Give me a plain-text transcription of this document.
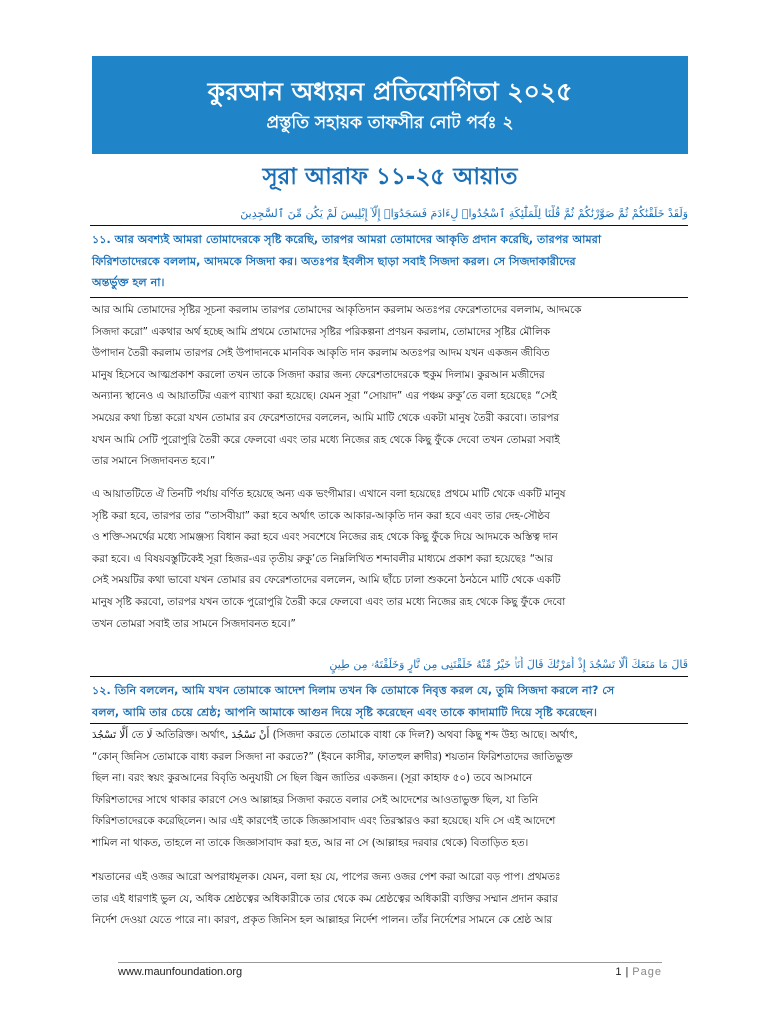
কুরআন অধ্যয়ন প্রতিযোগিতা ২০২৫
প্রস্তুতি সহায়ক তাফসীর নোট পর্বঃ ২
সূরা আরাফ ১১-২৫ আয়াত
وَلَقَدْ خَلَقْنَٰكُمْ ثُمَّ صَوَّرْنَٰكُمْ ثُمَّ قُلْنَا لِلْمَلَٰٓئِكَةِ ٱسْجُدُوا۟ لِءَادَمَ فَسَجَدُوٓا۟ إِلَّآ إِبْلِيسَ لَمْ يَكُن مِّنَ ٱلسَّٰجِدِينَ
১১. আর অবশ্যই আমরা তোমাদেরকে সৃষ্টি করেছি, তারপর আমরা তোমাদের আকৃতি প্রদান করেছি, তারপর আমরা
ফিরিশতাদেরকে বললাম, আদমকে সিজদা কর। অতঃপর ইবলীস ছাড়া সবাই সিজদা করল। সে সিজদাকারীদের
অন্তর্ভুক্ত হল না।
আর আমি তোমাদের সৃষ্টির সূচনা করলাম তারপর তোমাদের আকৃতিদান করলাম অতঃপর ফেরেশতাদের বললাম, আদমকে
সিজদা করো” একথার অর্থ হচ্ছে আমি প্রথমে তোমাদের সৃষ্টির পরিকল্পনা প্রণয়ন করলাম, তোমাদের সৃষ্টির মৌলিক
উপাদান তৈরী করলাম তারপর সেই উপাদানকে মানবিক আকৃতি দান করলাম অতঃপর আদম যখন একজন জীবিত
মানুষ হিসেবে আত্মপ্রকাশ করলো তখন তাকে সিজদা করার জন্য ফেরেশতাদেরকে হুকুম দিলাম। কুরআন মজীদের
অন্যান্য স্থানেও এ আয়াতটির এরূপ ব্যাখ্যা করা হয়েছে। যেমন সূরা “সোয়াদ” এর পঞ্চম রুকু’তে বলা হয়েছেঃ “সেই
সময়ের কথা চিন্তা করো যখন তোমার রব ফেরেশতাদের বললেন, আমি মাটি থেকে একটা মানুষ তৈরী করবো। তারপর
যখন আমি সেটি পুরোপুরি তৈরী করে ফেলবো এবং তার মধ্যে নিজের রূহ থেকে কিছু ফুঁকে দেবো তখন তোমরা সবাই
তার সমানে সিজদাবনত হবে।”
এ আয়াতটিতে ঐ তিনটি পর্যায় বর্ণিত হয়েছে অন্য এক ভংগীমার। এখানে বলা হয়েছেঃ প্রথমে মাটি থেকে একটি মানুষ
সৃষ্টি করা হবে, তারপর তার “তাসবীয়া” করা হবে অর্থাৎ তাকে আকার-আকৃতি দান করা হবে এবং তার দেহ-সৌষ্ঠব
ও শক্তি-সমর্থের মধ্যে সামঞ্জস্য বিধান করা হবে এবং সবশেষে নিজের রূহ থেকে কিছু ফুঁকে দিয়ে আদমকে অস্তিত্ব দান
করা হবে। এ বিষয়বস্তুটিকেই সূরা হিজর-এর তৃতীয় রুকু’তে নিম্নলিখিত শব্দাবলীর মাধ্যমে প্রকাশ করা হয়েছেঃ “আর
সেই সময়টির কথা ভাবো যখন তোমার রব ফেরেশতাদের বললেন, আমি ছাঁচে ঢালা শুকনো ঠনঠনে মাটি থেকে একটি
মানুষ সৃষ্টি করবো, তারপর যখন তাকে পুরোপুরি তৈরী করে ফেলবো এবং তার মধ্যে নিজের রূহ থেকে কিছু ফুঁকে দেবো
তখন তোমরা সবাই তার সামনে সিজদাবনত হবে।”
قَالَ مَا مَنَعَكَ أَلَّا تَسْجُدَ إِذْ أَمَرْتُكَ قَالَ أَنَا۠ خَيْرٌ مِّنْهُ خَلَقْتَنِى مِن نَّارٍ وَخَلَقْتَهُۥ مِن طِينٍ
১২. তিনি বললেন, আমি যখন তোমাকে আদেশ দিলাম তখন কি তোমাকে নিবৃত্ত করল যে, তুমি সিজদা করলে না? সে
বলল, আমি তার চেয়ে শ্রেষ্ঠ; আপনি আমাকে আগুন দিয়ে সৃষ্টি করেছেন এবং তাকে কাদামাটি দিয়ে সৃষ্টি করেছেন।
أَلَّا تَسْجُدَ তে لَا অতিরিক্ত। অর্থাৎ, أَنْ تَسْجُدَ (সিজদা করতে তোমাকে বাধা কে দিল?) অথবা কিছু শব্দ উহ্য আছে। অর্থাৎ,
“কোন্ জিনিস তোমাকে বাধ্য করল সিজদা না করতে?” (ইবনে কাসীর, ফাতহুল ক্বাদীর) শয়তান ফিরিশতাদের জাতিভুক্ত
ছিল না। বরং স্বয়ং কুরআনের বিবৃতি অনুযায়ী সে ছিল জ্বিন জাতির একজন। (সূরা কাহাফ ৫০) তবে আসমানে
ফিরিশতাদের সাথে থাকার কারণে সেও আল্লাহর সিজদা করতে বলার সেই আদেশের আওতাভুক্ত ছিল, যা তিনি
ফিরিশতাদেরকে করেছিলেন। আর এই কারণেই তাকে জিজ্ঞাসাবাদ এবং তিরস্কারও করা হয়েছে। যদি সে এই আদেশে
শামিল না থাকত, তাহলে না তাকে জিজ্ঞাসাবাদ করা হত, আর না সে (আল্লাহর দরবার থেকে) বিতাড়িত হত।
শয়তানের এই ওজর আরো অপরাধমূলক। যেমন, বলা হয় যে, পাপের জন্য ওজর পেশ করা আরো বড় পাপ। প্রথমতঃ
তার এই ধারণাই ভুল যে, অধিক শ্রেষ্ঠত্বের অধিকারীকে তার থেকে কম শ্রেষ্ঠত্বের অধিকারী ব্যক্তির সম্মান প্রদান করার
নির্দেশ দেওয়া যেতে পারে না। কারণ, প্রকৃত জিনিস হল আল্লাহর নির্দেশ পালন। তাঁর নির্দেশের সামনে কে শ্রেষ্ঠ আর
www.maunfoundation.org	1 | Page
